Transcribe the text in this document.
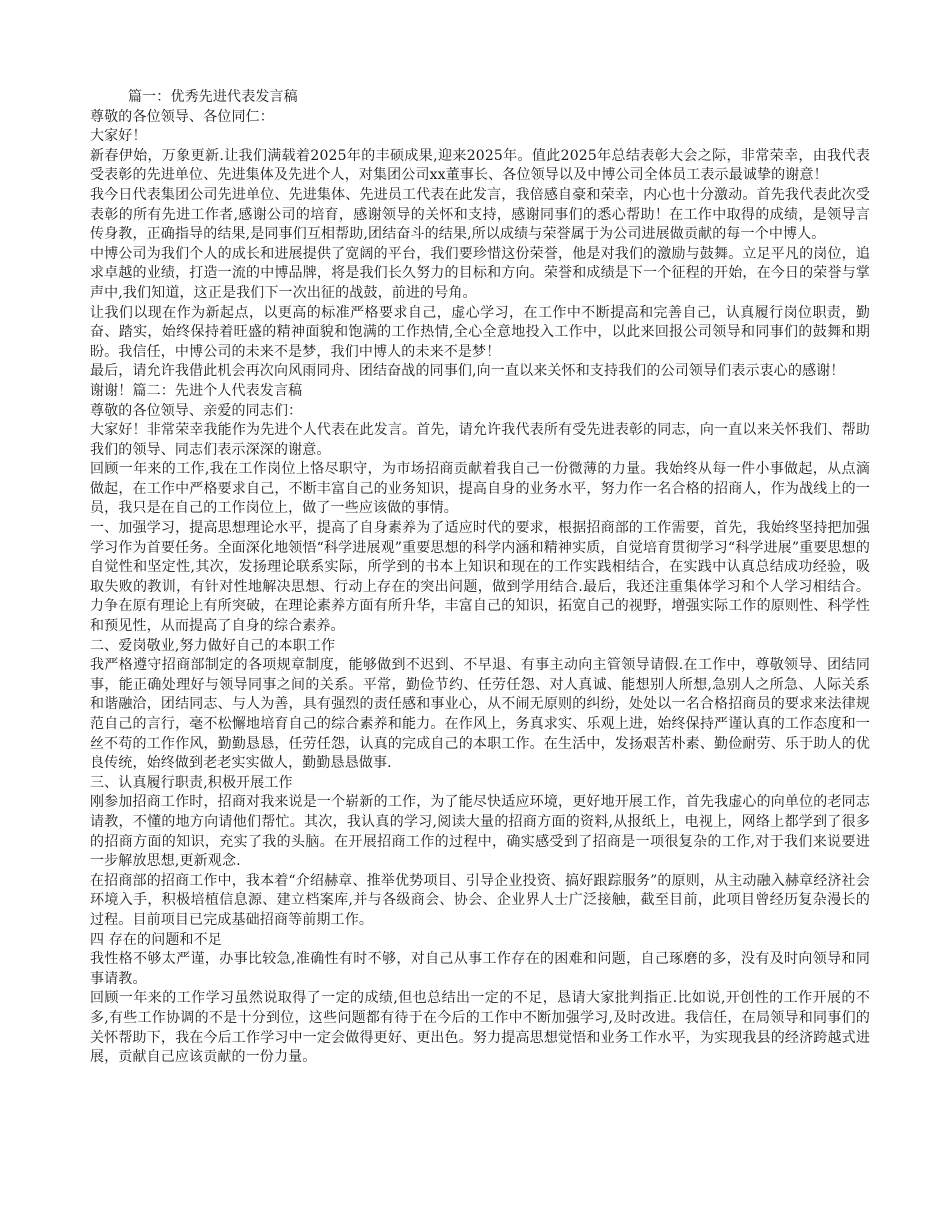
篇一：优秀先进代表发言稿

尊敬的各位领导、各位同仁：

大家好！

新春伊始，万象更新.让我们满载着2025年的丰硕成果,迎来2025年。值此2025年总结表彰大会之际，非常荣幸，由我代表受表彰的先进单位、先进集体及先进个人，对集团公司xx董事长、各位领导以及中博公司全体员工表示最诚挚的谢意！

我今日代表集团公司先进单位、先进集体、先进员工代表在此发言，我倍感自豪和荣幸，内心也十分激动。首先我代表此次受表彰的所有先进工作者,感谢公司的培育，感谢领导的关怀和支持，感谢同事们的悉心帮助！在工作中取得的成绩，是领导言传身教，正确指导的结果,是同事们互相帮助,团结奋斗的结果,所以成绩与荣誉属于为公司进展做贡献的每一个中博人。

中博公司为我们个人的成长和进展提供了宽阔的平台，我们要珍惜这份荣誉，他是对我们的激励与鼓舞。立足平凡的岗位，追求卓越的业绩，打造一流的中博品牌，将是我们长久努力的目标和方向。荣誉和成绩是下一个征程的开始，在今日的荣誉与掌声中,我们知道，这正是我们下一次出征的战鼓，前进的号角。

让我们以现在作为新起点，以更高的标准严格要求自己，虚心学习，在工作中不断提高和完善自己，认真履行岗位职责，勤奋、踏实，始终保持着旺盛的精神面貌和饱满的工作热情,全心全意地投入工作中，以此来回报公司领导和同事们的鼓舞和期盼。我信任，中博公司的未来不是梦，我们中博人的未来不是梦！

最后，请允许我借此机会再次向风雨同舟、团结奋战的同事们,向一直以来关怀和支持我们的公司领导们表示衷心的感谢！

谢谢！篇二：先进个人代表发言稿

尊敬的各位领导、亲爱的同志们：

大家好！非常荣幸我能作为先进个人代表在此发言。首先，请允许我代表所有受先进表彰的同志，向一直以来关怀我们、帮助我们的领导、同志们表示深深的谢意。

回顾一年来的工作,我在工作岗位上恪尽职守，为市场招商贡献着我自己一份微薄的力量。我始终从每一件小事做起，从点滴做起，在工作中严格要求自己，不断丰富自己的业务知识，提高自身的业务水平，努力作一名合格的招商人，作为战线上的一员，我只是在自己的工作岗位上，做了一些应该做的事情。

一、加强学习，提高思想理论水平，提高了自身素养为了适应时代的要求，根据招商部的工作需要，首先，我始终坚持把加强学习作为首要任务。全面深化地领悟“科学进展观”重要思想的科学内涵和精神实质，自觉培育贯彻学习“科学进展”重要思想的自觉性和坚定性,其次，发扬理论联系实际，所学到的书本上知识和现在的工作实践相结合，在实践中认真总结成功经验，吸取失败的教训，有针对性地解决思想、行动上存在的突出问题，做到学用结合.最后，我还注重集体学习和个人学习相结合。力争在原有理论上有所突破，在理论素养方面有所升华，丰富自己的知识，拓宽自己的视野，增强实际工作的原则性、科学性和预见性，从而提高了自身的综合素养。

二、爱岗敬业,努力做好自己的本职工作

我严格遵守招商部制定的各项规章制度，能够做到不迟到、不早退、有事主动向主管领导请假.在工作中，尊敬领导、团结同事，能正确处理好与领导同事之间的关系。平常，勤俭节约、任劳任怨、对人真诚、能想别人所想,急别人之所急、人际关系和谐融洽，团结同志、与人为善，具有强烈的责任感和事业心，从不闹无原则的纠纷，处处以一名合格招商员的要求来法律规范自己的言行，毫不松懈地培育自己的综合素养和能力。在作风上，务真求实、乐观上进，始终保持严谨认真的工作态度和一丝不苟的工作作风，勤勤恳恳，任劳任怨，认真的完成自己的本职工作。在生活中，发扬艰苦朴素、勤俭耐劳、乐于助人的优良传统，始终做到老老实实做人，勤勤恳恳做事.

三、认真履行职责,积极开展工作

刚参加招商工作时，招商对我来说是一个崭新的工作，为了能尽快适应环境，更好地开展工作，首先我虚心的向单位的老同志请教，不懂的地方向请他们帮忙。其次，我认真的学习,阅读大量的招商方面的资料,从报纸上，电视上，网络上都学到了很多的招商方面的知识，充实了我的头脑。在开展招商工作的过程中，确实感受到了招商是一项很复杂的工作,对于我们来说要进一步解放思想,更新观念.

在招商部的招商工作中，我本着“介绍赫章、推举优势项目、引导企业投资、搞好跟踪服务”的原则，从主动融入赫章经济社会环境入手，积极培植信息源、建立档案库,并与各级商会、协会、企业界人士广泛接触，截至目前，此项目曾经历复杂漫长的过程。目前项目已完成基础招商等前期工作。

四 存在的问题和不足

我性格不够太严谨，办事比较急,准确性有时不够，对自己从事工作存在的困难和问题，自己琢磨的多，没有及时向领导和同事请教。

回顾一年来的工作学习虽然说取得了一定的成绩,但也总结出一定的不足，恳请大家批判指正.比如说,开创性的工作开展的不多,有些工作协调的不是十分到位，这些问题都有待于在今后的工作中不断加强学习,及时改进。我信任，在局领导和同事们的关怀帮助下，我在今后工作学习中一定会做得更好、更出色。努力提高思想觉悟和业务工作水平，为实现我县的经济跨越式进展，贡献自己应该贡献的一份力量。
